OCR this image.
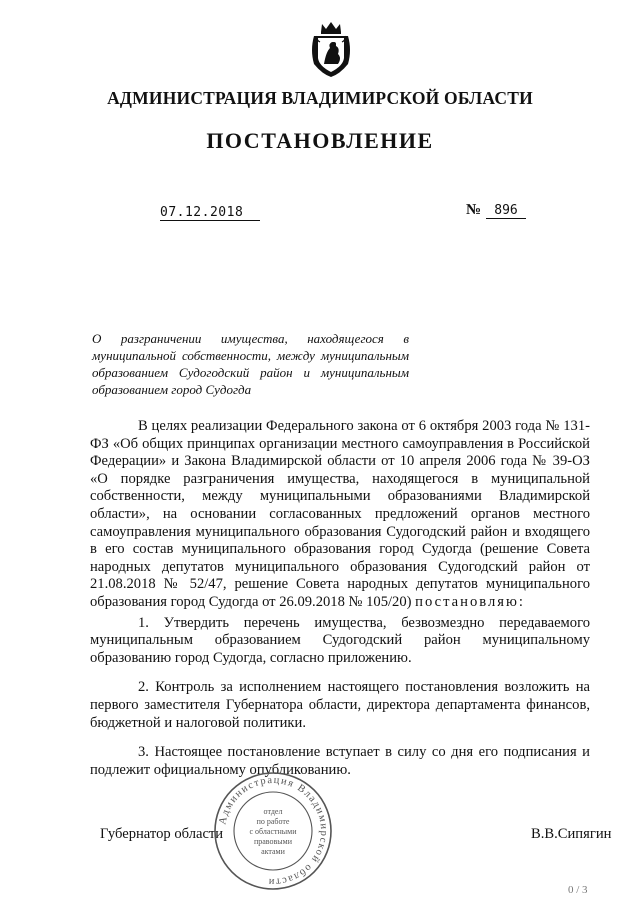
АДМИНИСТРАЦИЯ ВЛАДИМИРСКОЙ ОБЛАСТИ
ПОСТАНОВЛЕНИЕ
07.12.2018	№	896

О разграничении имущества, находящегося в

муниципальной собственности, между муниципальным

образованием Судогодский район и муниципальным

образованием город Судогда

В целях реализации Федерального закона от 6 октября 2003 года № 131-ФЗ «Об общих принципах организации местного самоуправления в Российской Федерации» и Закона Владимирской области от 10 апреля 2006 года № 39-ОЗ «О порядке разграничения имущества, находящегося в муниципальной собственности, между муниципальными образованиями Владимирской области», на основании согласованных предложений органов местного самоуправления муниципального образования Судогодский район и входящего в его состав муниципального образования город Судогда (решение Совета народных депутатов муниципального образования Судогодский район от 21.08.2018 № 52/47, решение Совета народных депутатов муниципального образования город Судогда от 26.09.2018 № 105/20) постановляю:

1. Утвердить перечень имущества, безвозмездно передаваемого муниципальным образованием Судогодский район муниципальному образованию город Судогда, согласно приложению.

2. Контроль за исполнением настоящего постановления возложить на первого заместителя Губернатора области, директора департамента финансов, бюджетной и налоговой политики.

3. Настоящее постановление вступает в силу со дня его подписания и подлежит официальному опубликованию.

Губернатор области	В.В.Сипягин
Администрация Владимирской области
отдел
по работе
с областными
правовыми
актами
0 / 3
